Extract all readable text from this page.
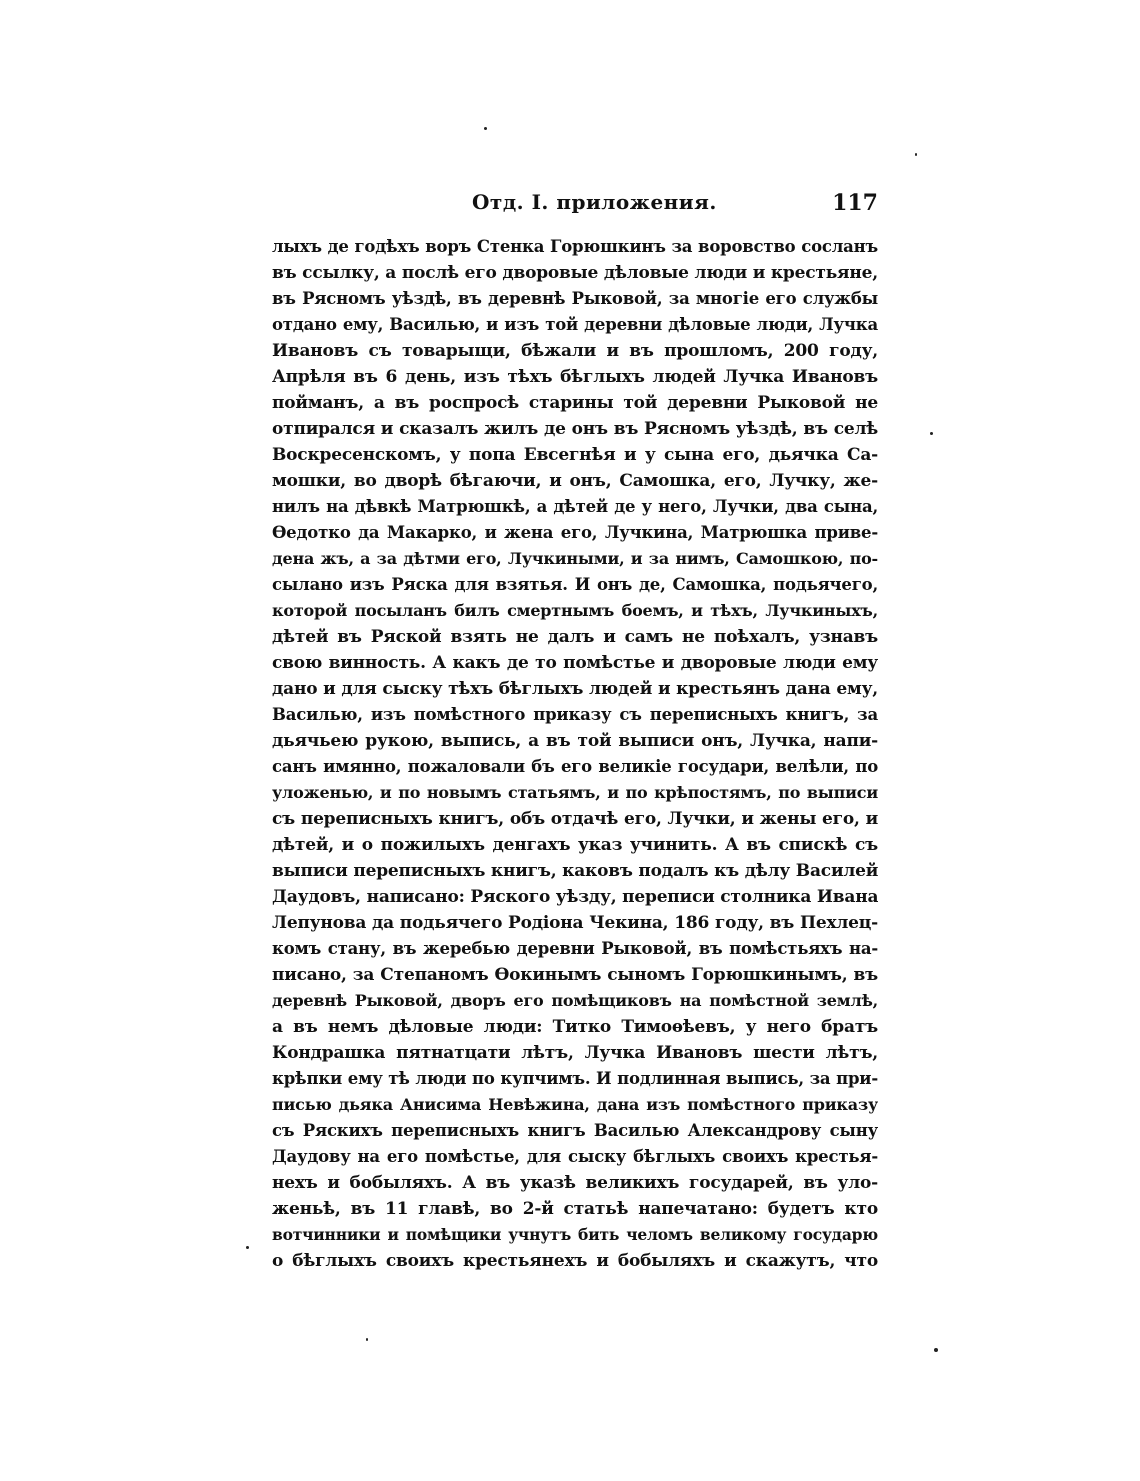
Отд. I. приложения.	117
лыхъ де годѣхъ воръ Стенка Горюшкинъ за воровство сосланъ
въ ссылку, а послѣ его дворовые дѣловые люди и крестьяне,
въ Рясномъ уѣздѣ, въ деревнѣ Рыковой, за многіе его службы
отдано ему, Василью, и изъ той деревни дѣловые люди, Лучка
Ивановъ съ товарыщи, бѣжали и въ прошломъ, 200 году,
Апрѣля въ 6 день, изъ тѣхъ бѣглыхъ людей Лучка Ивановъ
пойманъ, а въ роспросѣ старины той деревни Рыковой не
отпирался и сказалъ жилъ де онъ въ Рясномъ уѣздѣ, въ селѣ
Воскресенскомъ, у попа Евсегнѣя и у сына его, дьячка Са-
мошки, во дворѣ бѣгаючи, и онъ, Самошка, его, Лучку, же-
нилъ на дѣвкѣ Матрюшкѣ, а дѣтей де у него, Лучки, два сына,
Ѳедотко да Макарко, и жена его, Лучкина, Матрюшка приве-
дена жъ, а за дѣтми его, Лучкиными, и за нимъ, Самошкою, по-
сылано изъ Ряска для взятья. И онъ де, Самошка, подьячего,
которой посыланъ билъ смертнымъ боемъ, и тѣхъ, Лучкиныхъ,
дѣтей въ Ряской взять не далъ и самъ не поѣхалъ, узнавъ
свою винность. А какъ де то помѣстье и дворовые люди ему
дано и для сыску тѣхъ бѣглыхъ людей и крестьянъ дана ему,
Василью, изъ помѣстного приказу съ переписныхъ книгъ, за
дьячьею рукою, выпись, а въ той выписи онъ, Лучка, напи-
санъ имянно, пожаловали бъ его великіе государи, велѣли, по
уложенью, и по новымъ статьямъ, и по крѣпостямъ, по выписи
съ переписныхъ книгъ, объ отдачѣ его, Лучки, и жены его, и
дѣтей, и о пожилыхъ денгахъ указ учинить. А въ спискѣ съ
выписи переписныхъ книгъ, каковъ подалъ къ дѣлу Василей
Даудовъ, написано: Ряского уѣзду, переписи столника Ивана
Лепунова да подьячего Родіона Чекина, 186 году, въ Пехлец-
комъ стану, въ жеребью деревни Рыковой, въ помѣстьяхъ на-
писано, за Степаномъ Ѳокинымъ сыномъ Горюшкинымъ, въ
деревнѣ Рыковой, дворъ его помѣщиковъ на помѣстной землѣ,
а въ немъ дѣловые люди: Титко Тимоѳѣевъ, у него братъ
Кондрашка пятнатцати лѣтъ, Лучка Ивановъ шести лѣтъ,
крѣпки ему тѣ люди по купчимъ. И подлинная выпись, за при-
писью дьяка Анисима Невѣжина, дана изъ помѣстного приказу
съ Ряскихъ переписныхъ книгъ Василью Александрову сыну
Даудову на его помѣстье, для сыску бѣглыхъ своихъ крестья-
нехъ и бобыляхъ. А въ указѣ великихъ государей, въ уло-
женьѣ, въ 11 главѣ, во 2-й статьѣ напечатано: будетъ кто
вотчинники и помѣщики учнутъ бить челомъ великому государю
о бѣглыхъ своихъ крестьянехъ и бобыляхъ и скажутъ, что
